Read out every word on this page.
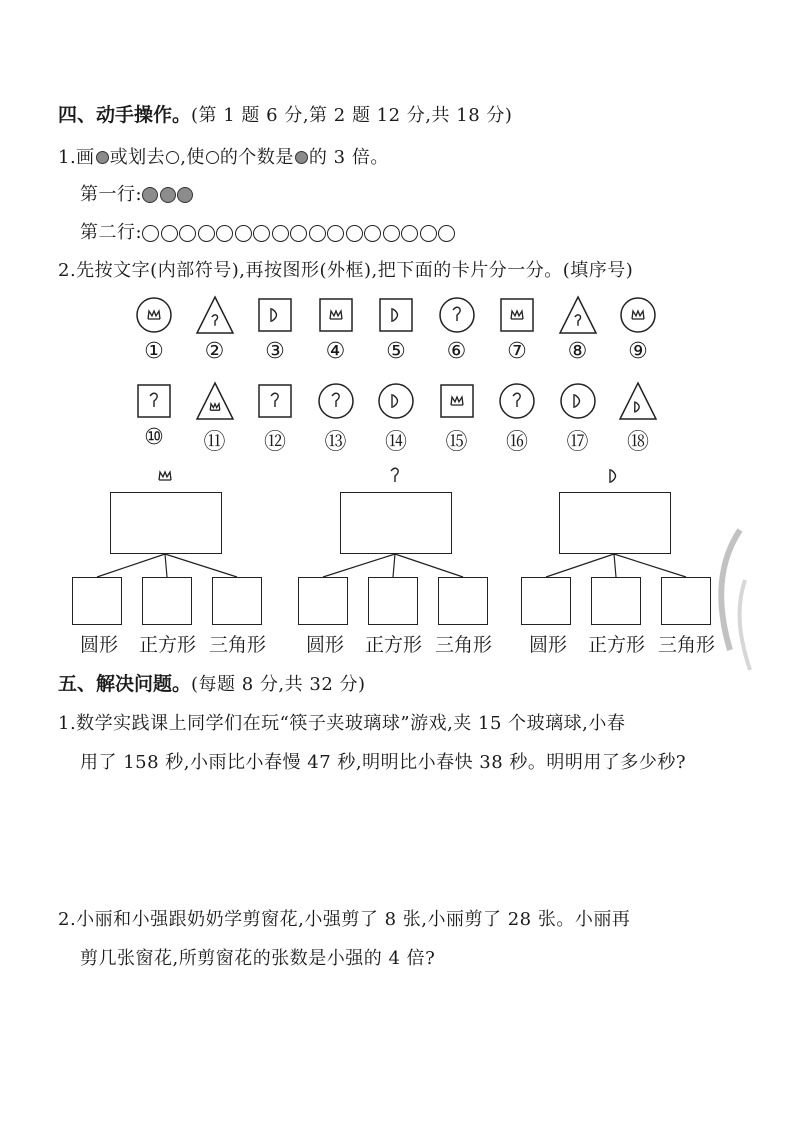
四、动手操作。(第 1 题 6 分,第 2 题 12 分,共 18 分)
1.画 或划去 ,使 的个数是 的 3 倍。
第一行:
第二行:
2.先按文字(内部符号),再按图形(外框),把下面的卡片分一分。(填序号)
①	②	③	④	⑤	⑥	⑦	⑧	⑨
⑩	⑪	⑫	⑬	⑭	⑮	⑯	⑰	⑱
圆形 正方形 三角形 圆形 正方形 三角形 圆形 正方形 三角形
五、解决问题。(每题 8 分,共 32 分)
1.数学实践课上同学们在玩“筷子夹玻璃球”游戏,夹 15 个玻璃球,小春
用了 158 秒,小雨比小春慢 47 秒,明明比小春快 38 秒。明明用了多少秒?
2.小丽和小强跟奶奶学剪窗花,小强剪了 8 张,小丽剪了 28 张。小丽再
剪几张窗花,所剪窗花的张数是小强的 4 倍?
